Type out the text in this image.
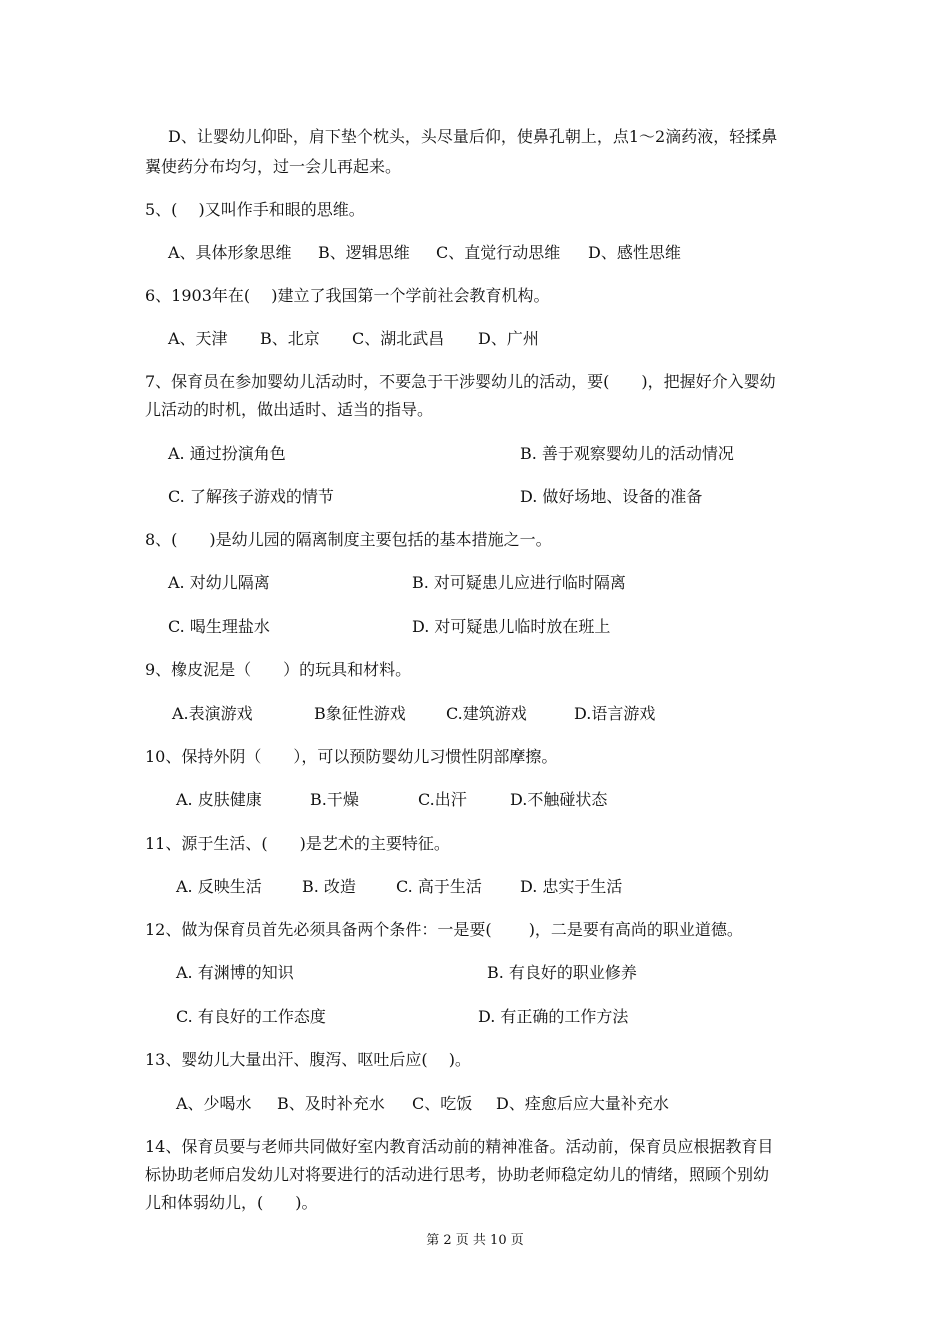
D、让婴幼儿仰卧，肩下垫个枕头，头尽量后仰，使鼻孔朝上，点1～2滴药液，轻揉鼻
翼使药分布均匀，过一会儿再起来。
5、(　 )又叫作手和眼的思维。
A、具体形象思维 B、逻辑思维 C、直觉行动思维 D、感性思维
6、1903年在(　 )建立了我国第一个学前社会教育机构。
A、天津 B、北京 C、湖北武昌 D、广州
7、保育员在参加婴幼儿活动时，不要急于干涉婴幼儿的活动，要(　　)，把握好介入婴幼
儿活动的时机，做出适时、适当的指导。
A. 通过扮演角色	B. 善于观察婴幼儿的活动情况
C. 了解孩子游戏的情节	D. 做好场地、设备的准备
8、(　　)是幼儿园的隔离制度主要包括的基本措施之一。
A. 对幼儿隔离	B. 对可疑患儿应进行临时隔离
C. 喝生理盐水	D. 对可疑患儿临时放在班上
9、橡皮泥是（　　）的玩具和材料。
A.表演游戏	B象征性游戏	C.建筑游戏	D.语言游戏
10、保持外阴（　　），可以预防婴幼儿习惯性阴部摩擦。
A. 皮肤健康	B.干燥	C.出汗	D.不触碰状态
11、源于生活、(　　)是艺术的主要特征。
A. 反映生活	B. 改造	C. 高于生活 D. 忠实于生活
12、做为保育员首先必须具备两个条件：一是要(　　 )，二是要有高尚的职业道德。
A. 有渊博的知识	B. 有良好的职业修养
C. 有良好的工作态度	D. 有正确的工作方法
13、婴幼儿大量出汗、腹泻、呕吐后应(　 )。
A、少喝水 B、及时补充水 C、吃饭 D、痊愈后应大量补充水
14、保育员要与老师共同做好室内教育活动前的精神准备。活动前，保育员应根据教育目
标协助老师启发幼儿对将要进行的活动进行思考，协助老师稳定幼儿的情绪，照顾个别幼
儿和体弱幼儿，(　　)。
第 2 页 共 10 页
